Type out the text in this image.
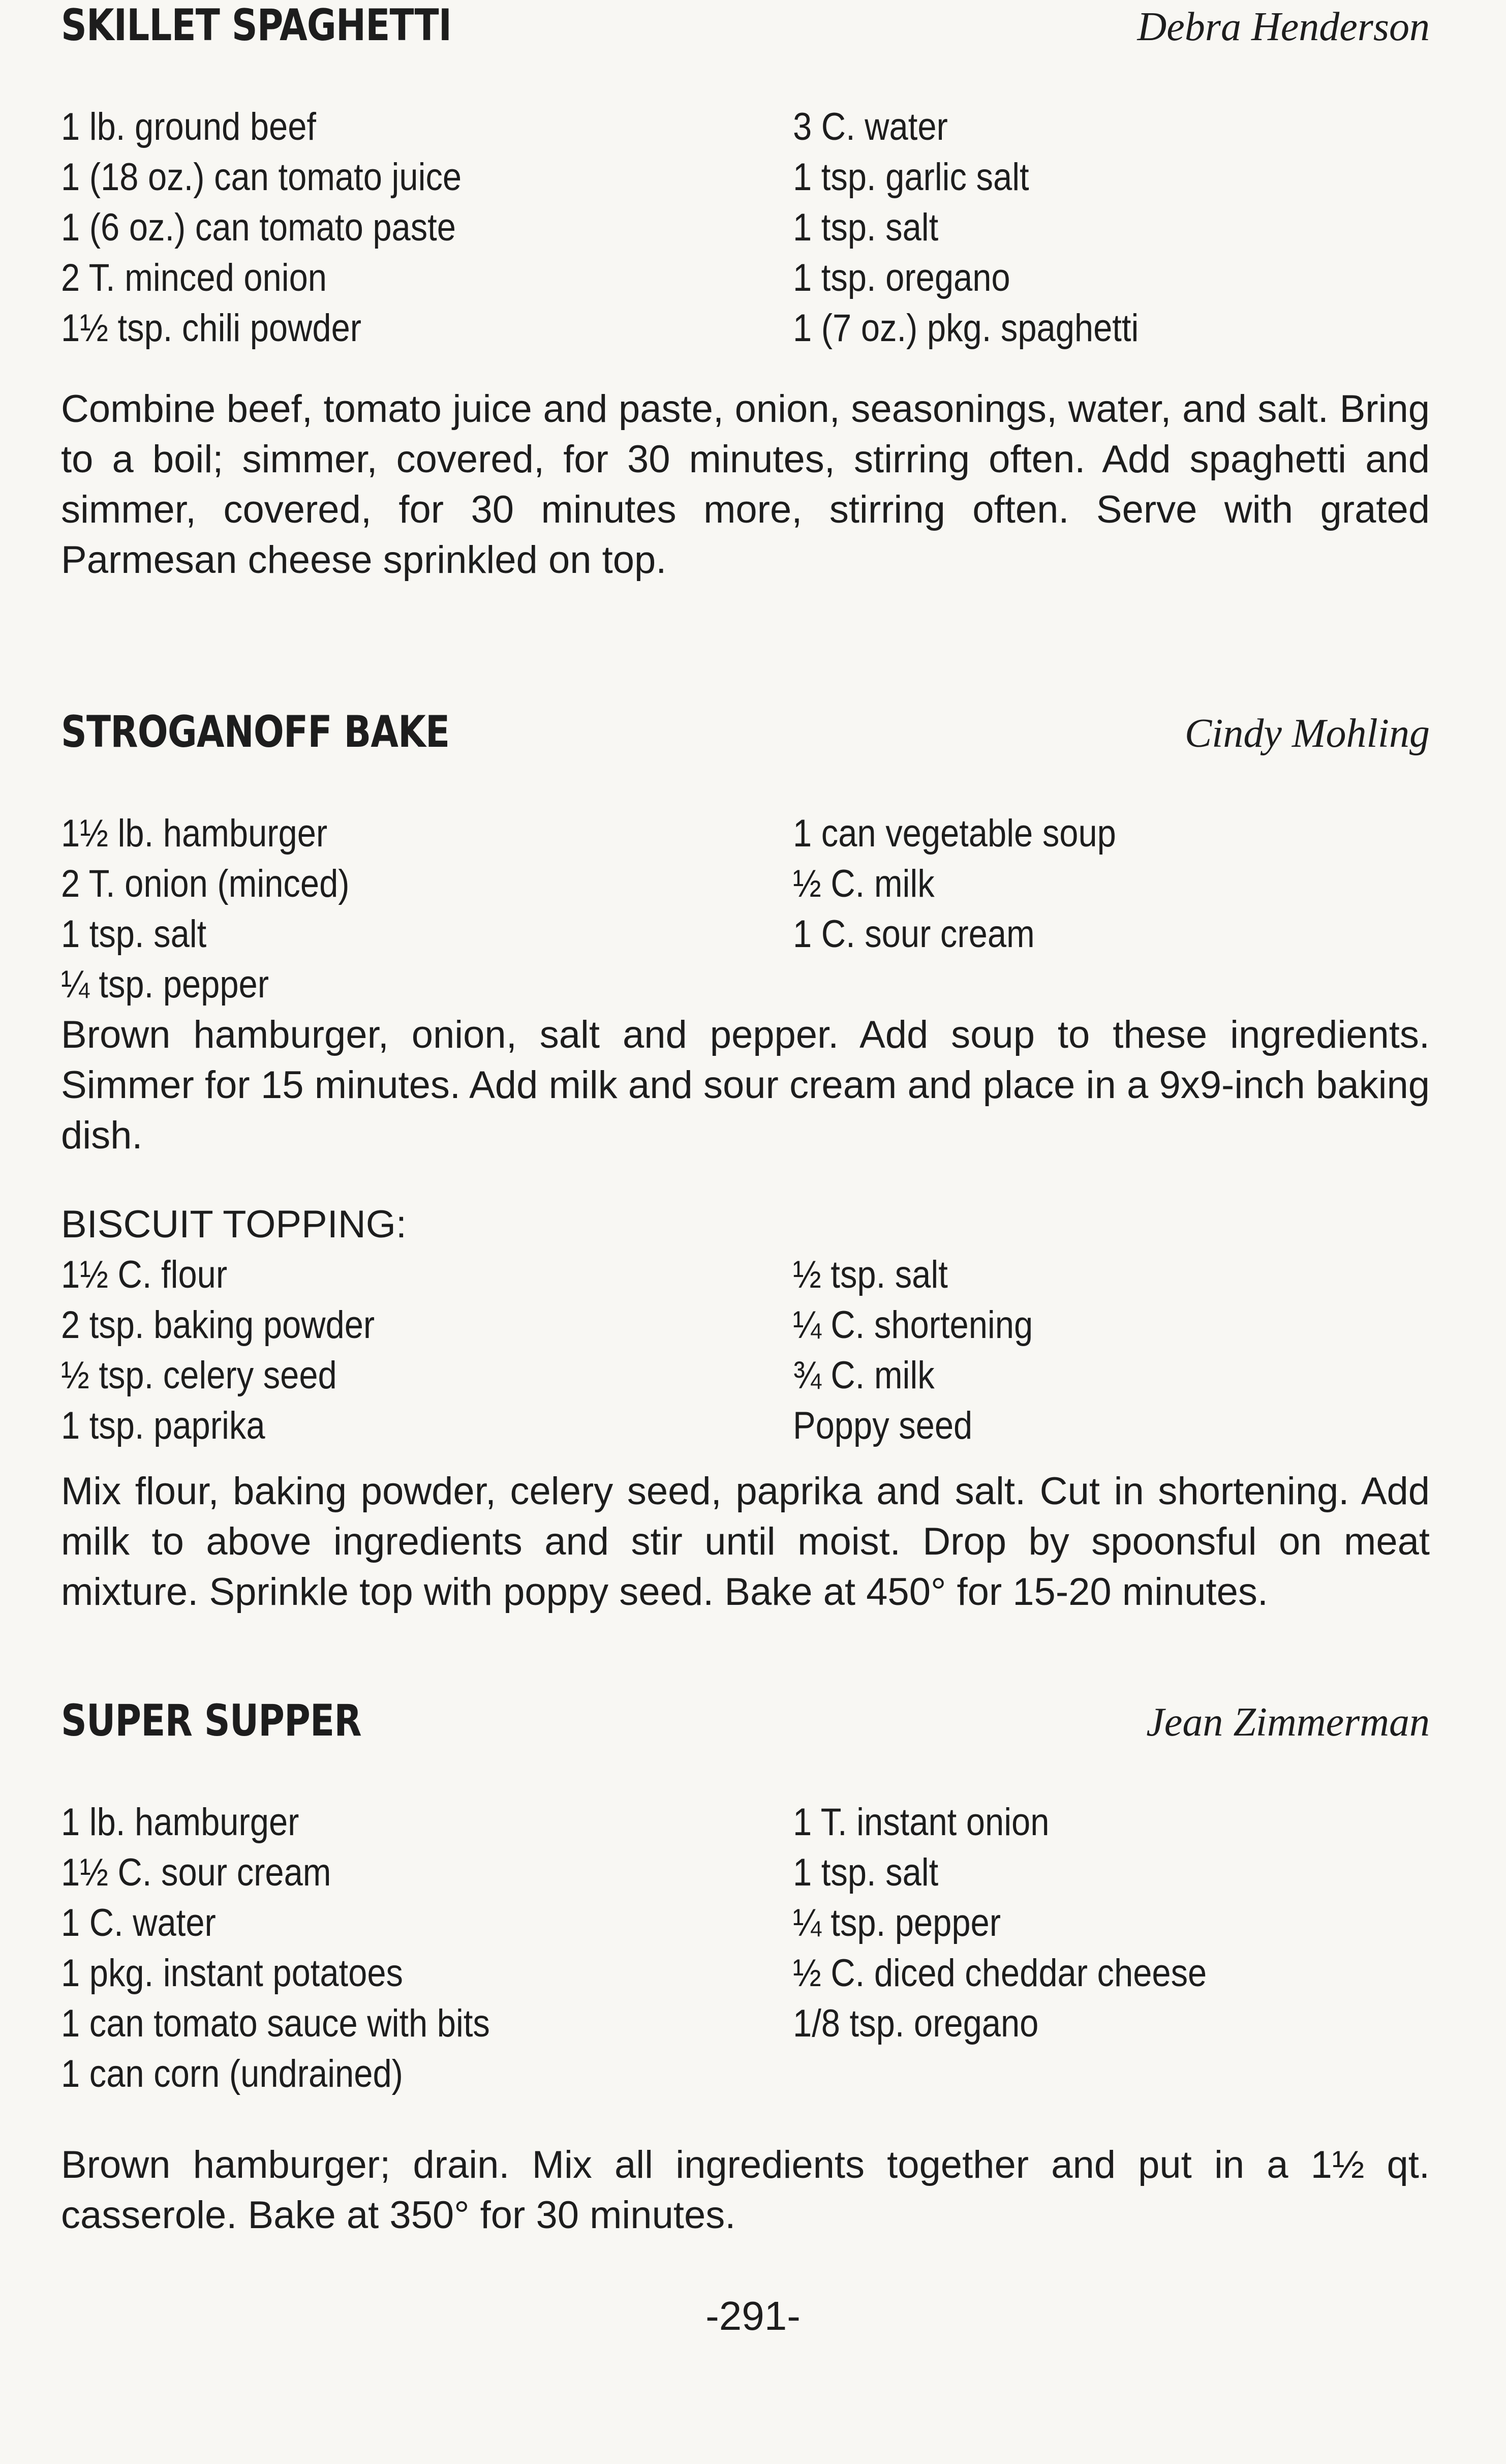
SKILLET SPAGHETTI	Debra Henderson
1 lb. ground beef	3 C. water
1 (18 oz.) can tomato juice	1 tsp. garlic salt
1 (6 oz.) can tomato paste	1 tsp. salt
2 T. minced onion	1 tsp. oregano
1½ tsp. chili powder	1 (7 oz.) pkg. spaghetti

Combine beef, tomato juice and paste, onion, seasonings, water, and salt. Bring to a boil; simmer, covered, for 30 minutes, stirring often. Add spaghetti and simmer, covered, for 30 minutes more, stirring often. Serve with grated Parmesan cheese sprinkled on top.

STROGANOFF BAKE	Cindy Mohling
1½ lb. hamburger	1 can vegetable soup
2 T. onion (minced)	½ C. milk
1 tsp. salt	1 C. sour cream
¼ tsp. pepper

Brown hamburger, onion, salt and pepper. Add soup to these ingredients. Simmer for 15 minutes. Add milk and sour cream and place in a 9x9-inch baking dish.

BISCUIT TOPPING:
1½ C. flour	½ tsp. salt
2 tsp. baking powder	¼ C. shortening
½ tsp. celery seed	¾ C. milk
1 tsp. paprika	Poppy seed

Mix flour, baking powder, celery seed, paprika and salt. Cut in shortening. Add milk to above ingredients and stir until moist. Drop by spoonsful on meat mixture. Sprinkle top with poppy seed. Bake at 450° for 15-20 minutes.

SUPER SUPPER	Jean Zimmerman
1 lb. hamburger	1 T. instant onion
1½ C. sour cream	1 tsp. salt
1 C. water	¼ tsp. pepper
1 pkg. instant potatoes	½ C. diced cheddar cheese
1 can tomato sauce with bits	1/8 tsp. oregano
1 can corn (undrained)

Brown hamburger; drain. Mix all ingredients together and put in a 1½ qt. casserole. Bake at 350° for 30 minutes.

-291-
